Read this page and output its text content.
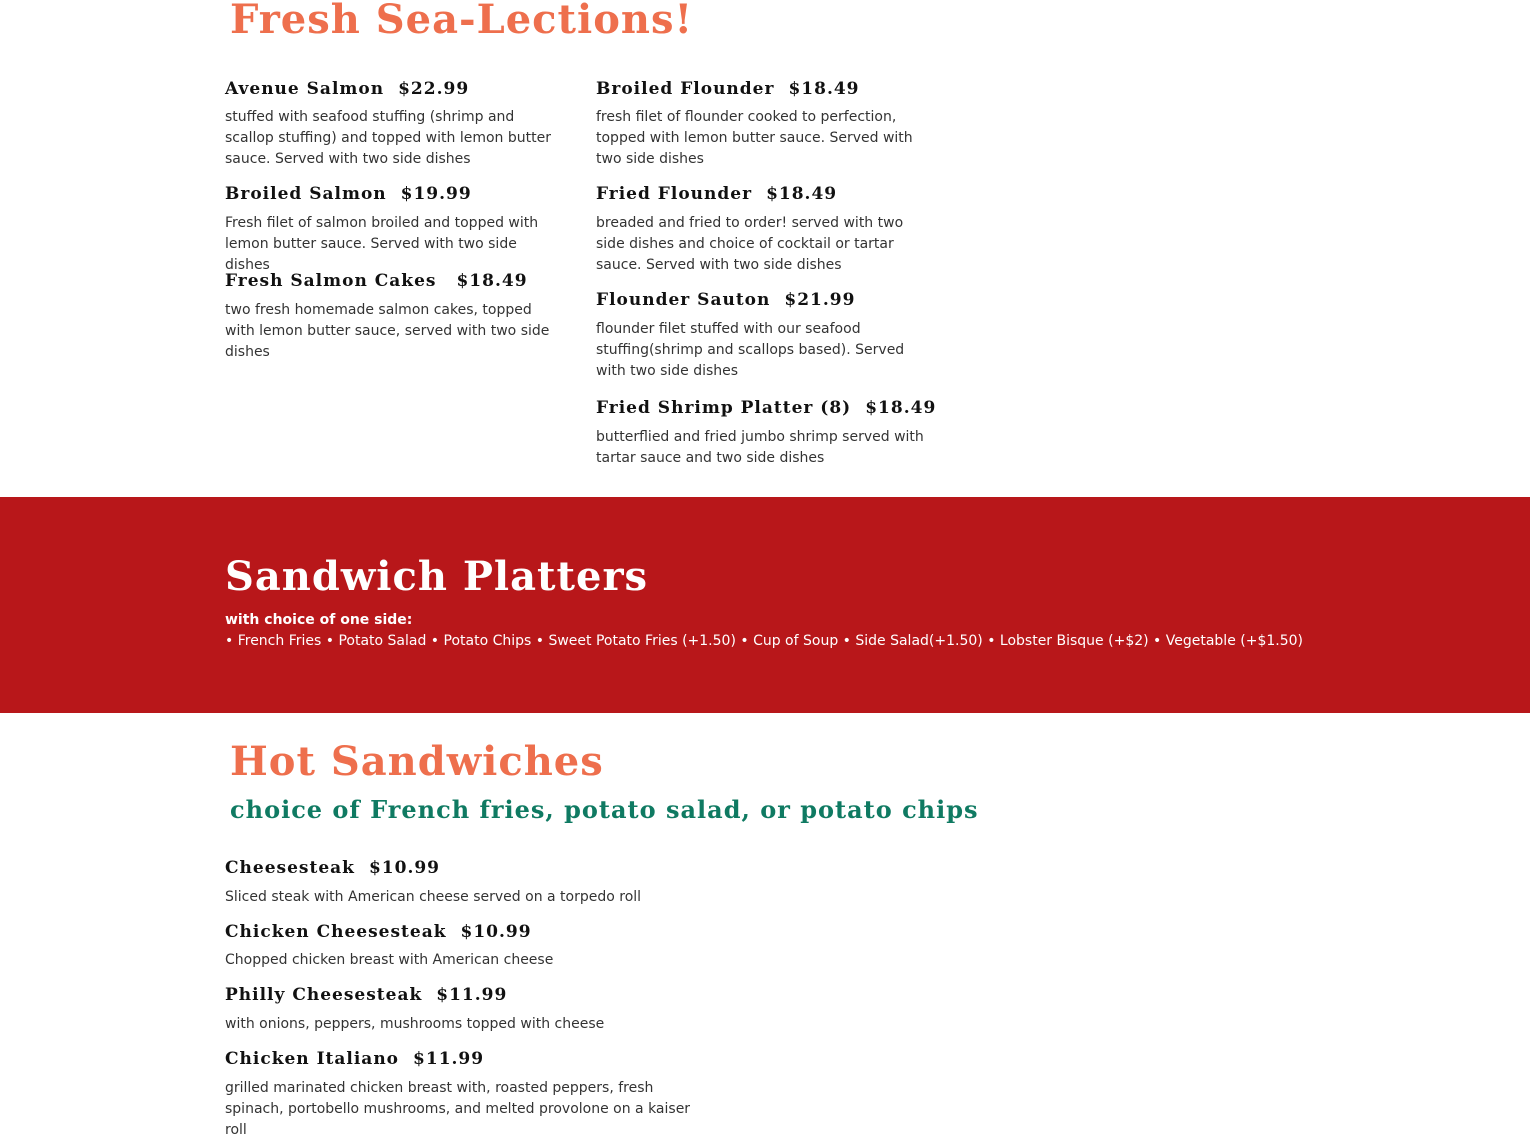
Fresh Sea-Lections!

Avenue Salmon $22.99

stuffed with seafood stuffing (shrimp and scallop stuffing) and topped with lemon butter sauce. Served with two side dishes

Broiled Salmon $19.99

Fresh filet of salmon broiled and topped with lemon butter sauce. Served with two side dishes

Fresh Salmon Cakes $18.49

two fresh homemade salmon cakes, topped with lemon butter sauce, served with two side dishes

Broiled Flounder $18.49

fresh filet of flounder cooked to perfection, topped with lemon butter sauce. Served with two side dishes

Fried Flounder $18.49

breaded and fried to order! served with two side dishes and choice of cocktail or tartar sauce. Served with two side dishes

Flounder Sauton $21.99

flounder filet stuffed with our seafood stuffing(shrimp and scallops based). Served with two side dishes

Fried Shrimp Platter (8) $18.49

butterflied and fried jumbo shrimp served with tartar sauce and two side dishes

Sandwich Platters

with choice of one side:

• French Fries • Potato Salad • Potato Chips • Sweet Potato Fries (+1.50) • Cup of Soup • Side Salad(+1.50) • Lobster Bisque (+$2) • Vegetable (+$1.50)

Hot Sandwiches
choice of French fries, potato salad, or potato chips

Cheesesteak $10.99

Sliced steak with American cheese served on a torpedo roll

Chicken Cheesesteak $10.99

Chopped chicken breast with American cheese

Philly Cheesesteak $11.99

with onions, peppers, mushrooms topped with cheese

Chicken Italiano $11.99

grilled marinated chicken breast with, roasted peppers, fresh spinach, portobello mushrooms, and melted provolone on a kaiser roll
